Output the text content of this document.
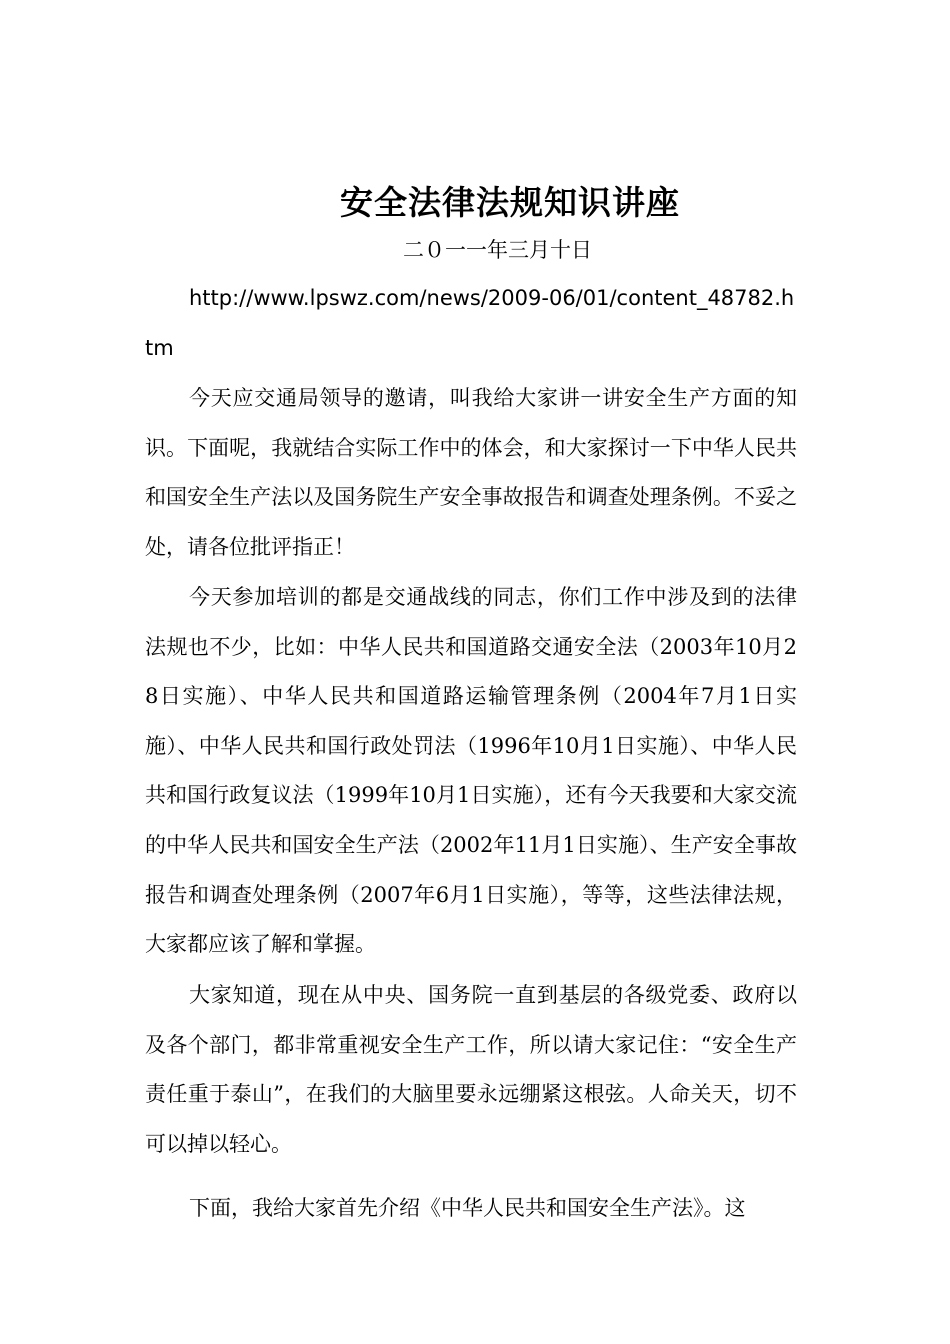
安全法律法规知识讲座
二０一一年三月十日
http://www.lpswz.com/news/2009-06/01/content_48782.htm

今天应交通局领导的邀请，叫我给大家讲一讲安全生产方面的知识。下面呢，我就结合实际工作中的体会，和大家探讨一下中华人民共和国安全生产法以及国务院生产安全事故报告和调查处理条例。不妥之处，请各位批评指正！

今天参加培训的都是交通战线的同志，你们工作中涉及到的法律法规也不少，比如：中华人民共和国道路交通安全法（2003年10月28日实施）、中华人民共和国道路运输管理条例（2004年7月1日实施）、中华人民共和国行政处罚法（1996年10月1日实施）、中华人民共和国行政复议法（1999年10月1日实施），还有今天我要和大家交流的中华人民共和国安全生产法（2002年11月1日实施）、生产安全事故报告和调查处理条例（2007年6月1日实施），等等，这些法律法规，大家都应该了解和掌握。

大家知道，现在从中央、国务院一直到基层的各级党委、政府以及各个部门，都非常重视安全生产工作，所以请大家记住：“安全生产责任重于泰山”，在我们的大脑里要永远绷紧这根弦。人命关天，切不可以掉以轻心。

下面，我给大家首先介绍《中华人民共和国安全生产法》。这
